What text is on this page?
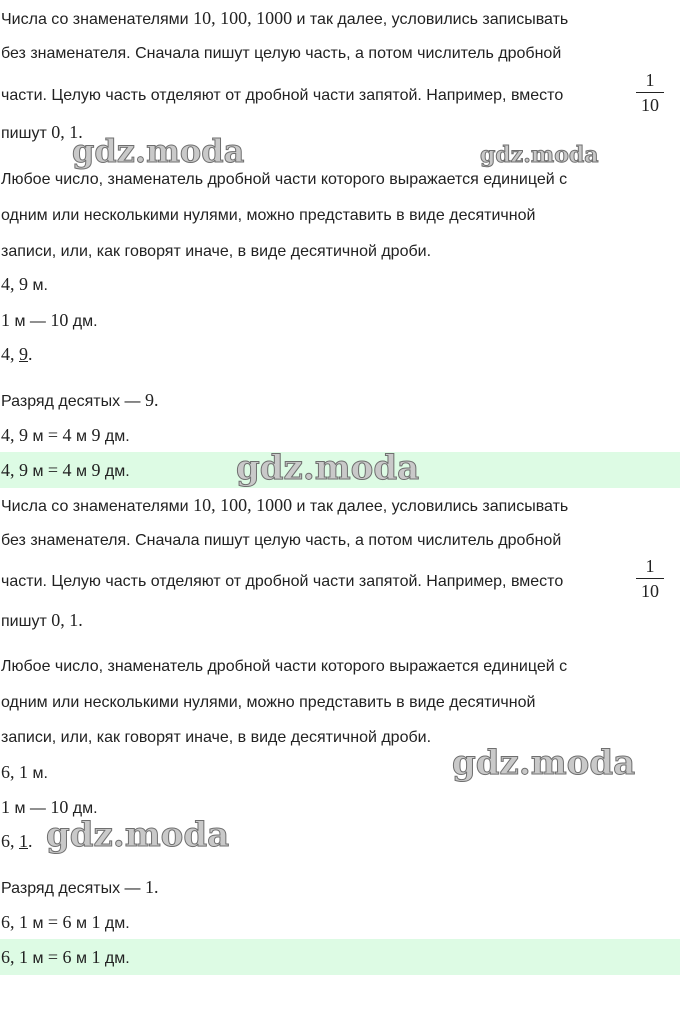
Числа со знаменателями 10, 100, 1000 и так далее, условились записывать
без знаменателя. Сначала пишут целую часть, а потом числитель дробной
части. Целую часть отделяют от дробной части запятой. Например, вместо
1
10
пишут 0, 1.
Любое число, знаменатель дробной части которого выражается единицей с
одним или несколькими нулями, можно представить в виде десятичной
записи, или, как говорят иначе, в виде десятичной дроби.
4, 9 м.
1 м — 10 дм.
4, 9.
Разряд десятых — 9.
4, 9 м = 4 м 9 дм.
4, 9 м = 4 м 9 дм.
Числа со знаменателями 10, 100, 1000 и так далее, условились записывать
без знаменателя. Сначала пишут целую часть, а потом числитель дробной
части. Целую часть отделяют от дробной части запятой. Например, вместо
1
10
пишут 0, 1.
Любое число, знаменатель дробной части которого выражается единицей с
одним или несколькими нулями, можно представить в виде десятичной
записи, или, как говорят иначе, в виде десятичной дроби.
6, 1 м.
1 м — 10 дм.
6, 1.
Разряд десятых — 1.
6, 1 м = 6 м 1 дм.
6, 1 м = 6 м 1 дм.
gdz.moda	gdz.moda
gdz.moda
gdz.moda
gdz.moda
